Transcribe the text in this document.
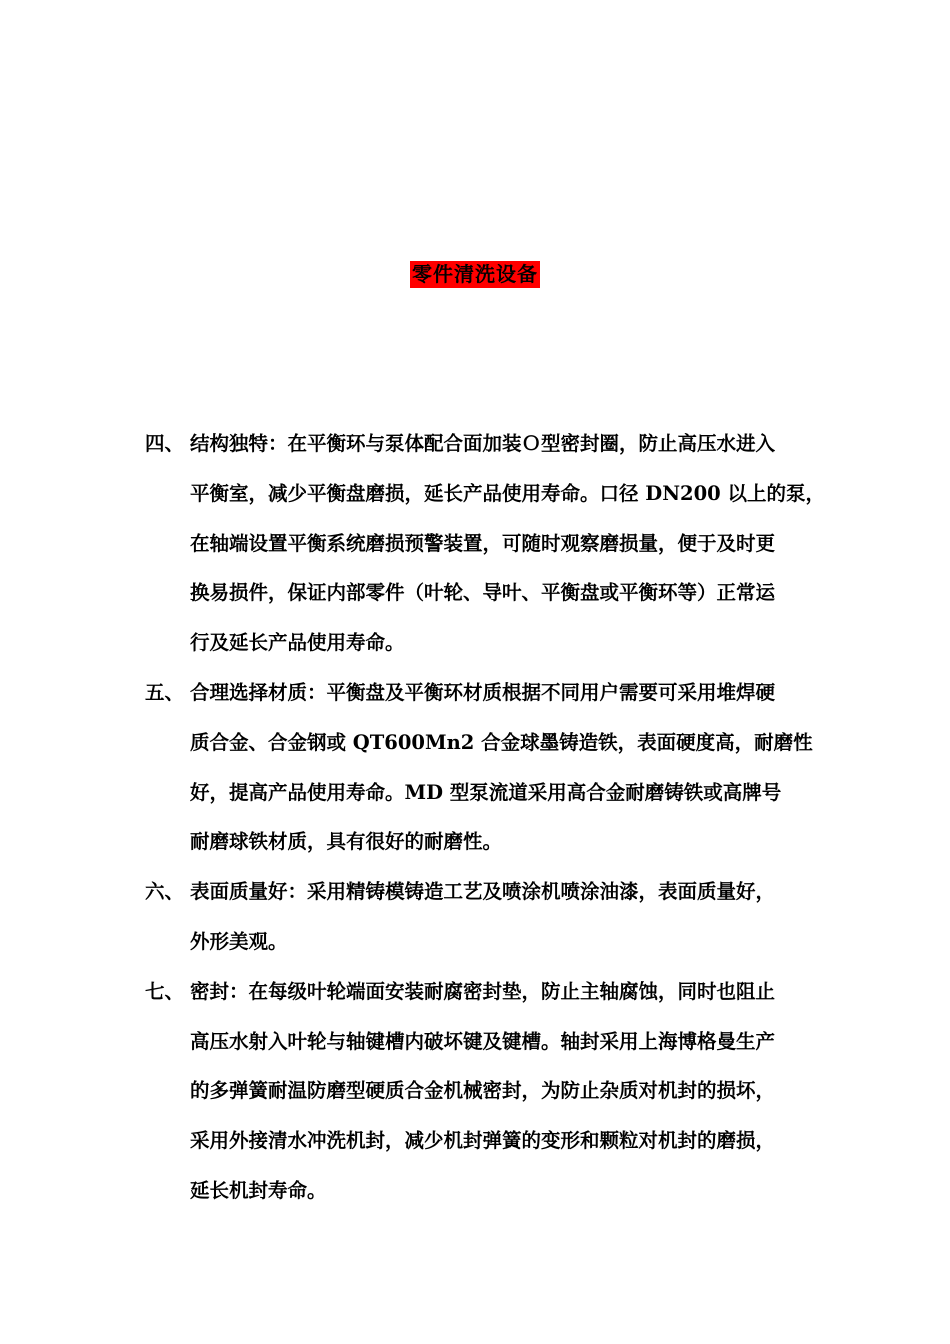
零件清洗设备
四、 结构独特：在平衡环与泵体配合面加装Ｏ型密封圈，防止高压水进入
平衡室，减少平衡盘磨损，延长产品使用寿命。口径 DN200 以上的泵，
在轴端设置平衡系统磨损预警装置，可随时观察磨损量，便于及时更
换易损件，保证内部零件（叶轮、导叶、平衡盘或平衡环等）正常运
行及延长产品使用寿命。
五、 合理选择材质：平衡盘及平衡环材质根据不同用户需要可采用堆焊硬
质合金、合金钢或 QT600Mn2 合金球墨铸造铁，表面硬度高，耐磨性
好，提高产品使用寿命。MD 型泵流道采用高合金耐磨铸铁或高牌号
耐磨球铁材质，具有很好的耐磨性。
六、 表面质量好：采用精铸模铸造工艺及喷涂机喷涂油漆，表面质量好，
外形美观。
七、 密封：在每级叶轮端面安装耐腐密封垫，防止主轴腐蚀，同时也阻止
高压水射入叶轮与轴键槽内破坏键及键槽。轴封采用上海博格曼生产
的多弹簧耐温防磨型硬质合金机械密封，为防止杂质对机封的损坏，
采用外接清水冲洗机封，减少机封弹簧的变形和颗粒对机封的磨损，
延长机封寿命。
